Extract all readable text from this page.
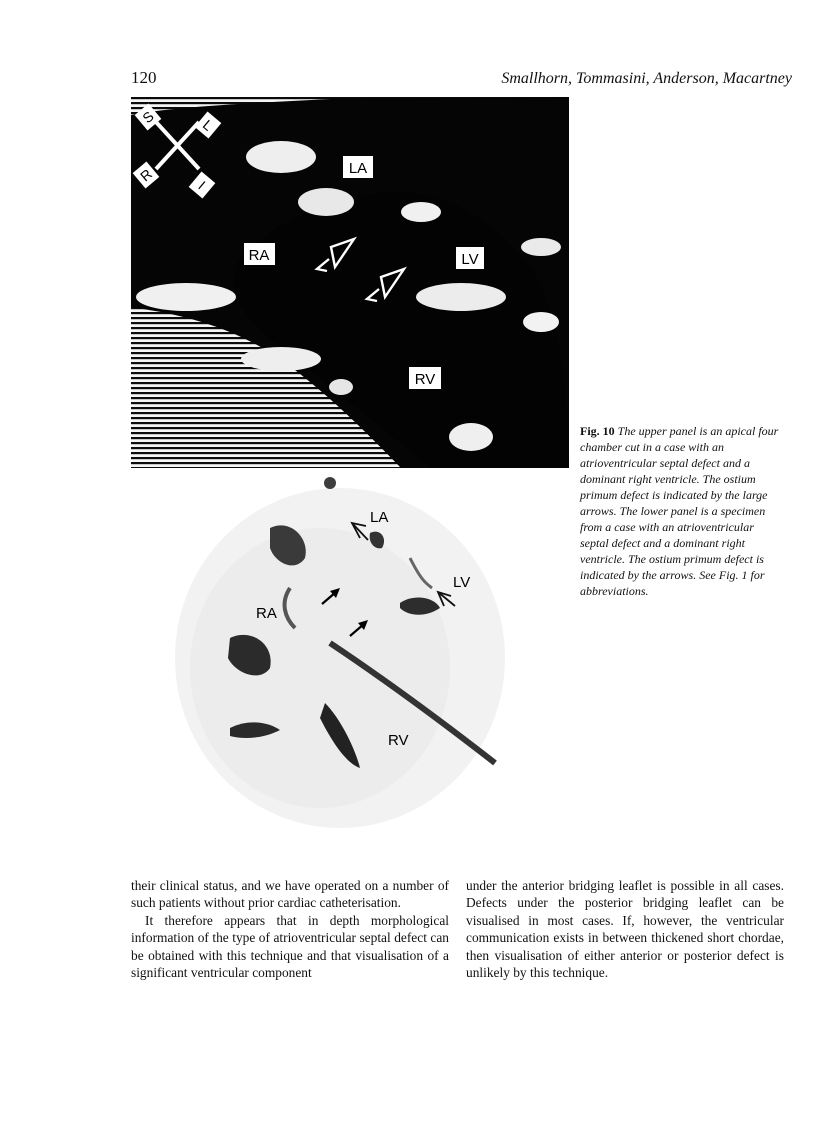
120	Smallhorn, Tommasini, Anderson, Macartney
S	L
R
I
LA
RA	LV
RV
LA
LV
RA
RV
Fig. 10 The upper panel is an apical four chamber cut in a case with an atrioventricular septal defect and a dominant right ventricle. The ostium primum defect is indicated by the large arrows. The lower panel is a specimen from a case with an atrioventricular septal defect and a dominant right ventricle. The ostium primum defect is indicated by the arrows. See Fig. 1 for abbreviations.

their clinical status, and we have operated on a number of such patients without prior cardiac catheterisation.

It therefore appears that in depth morphological information of the type of atrioventricular septal defect can be obtained with this technique and that visualisation of a significant ventricular component

under the anterior bridging leaflet is possible in all cases. Defects under the posterior bridging leaflet can be visualised in most cases. If, however, the ventricular communication exists in between thickened short chordae, then visualisation of either anterior or posterior defect is unlikely by this technique.
